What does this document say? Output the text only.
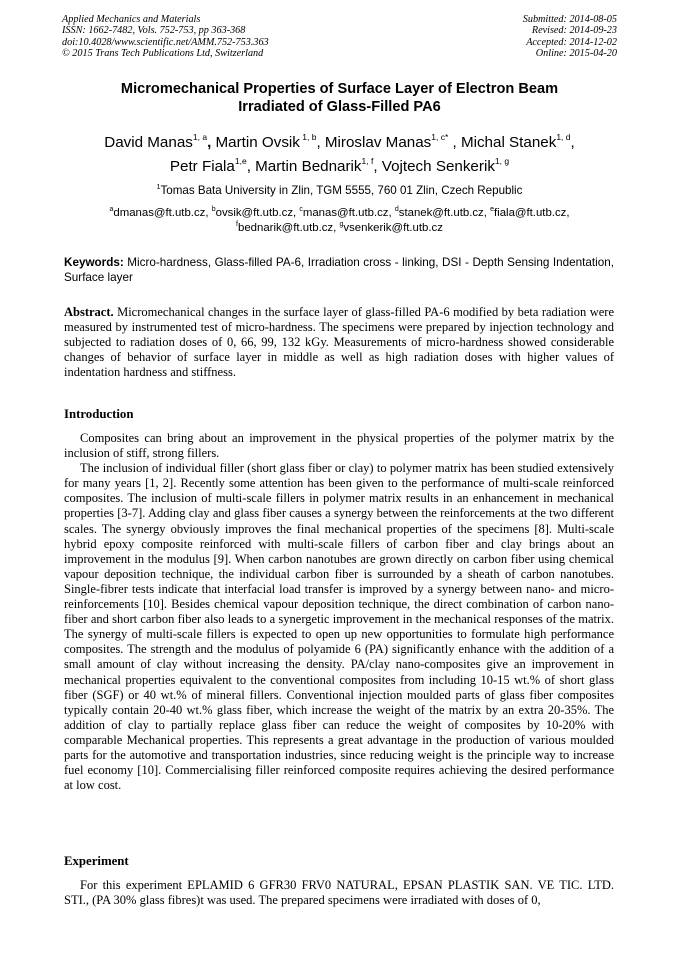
Applied Mechanics and Materials
ISSN: 1662-7482, Vols. 752-753, pp 363-368
doi:10.4028/www.scientific.net/AMM.752-753.363
© 2015 Trans Tech Publications Ltd, Switzerland
Submitted: 2014-08-05
Revised: 2014-09-23
Accepted: 2014-12-02
Online: 2015-04-20
Micromechanical Properties of Surface Layer of Electron Beam
Irradiated of Glass-Filled PA6
David Manas$^{1, a}$, Martin Ovsik $^{1, b}$, Miroslav Manas$^{1, c*}$ , Michal Stanek$^{1, d}$,
Petr Fiala$^{1,e}$, Martin Bednarik$^{1, f}$, Vojtech Senkerik$^{1, g}$
$^1$Tomas Bata University in Zlin, TGM 5555, 760 01 Zlin, Czech Republic
$^a$dmanas@ft.utb.cz, $^b$ovsik@ft.utb.cz, $^c$manas@ft.utb.cz, $^d$stanek@ft.utb.cz, $^e$fiala@ft.utb.cz,
$^f$bednarik@ft.utb.cz, $^g$vsenkerik@ft.utb.cz
Keywords: Micro-hardness, Glass-filled PA-6, Irradiation cross - linking, DSI - Depth Sensing Indentation, Surface layer
Abstract. Micromechanical changes in the surface layer of glass-filled PA-6 modified by beta radiation were measured by instrumented test of micro-hardness. The specimens were prepared by injection technology and subjected to radiation doses of 0, 66, 99, 132 kGy. Measurements of micro-hardness showed considerable changes of behavior of surface layer in middle as well as high radiation doses with higher values of indentation hardness and stiffness.
Introduction

Composites can bring about an improvement in the physical properties of the polymer matrix by the inclusion of stiff, strong fillers.

The inclusion of individual filler (short glass fiber or clay) to polymer matrix has been studied extensively for many years [1, 2]. Recently some attention has been given to the performance of multi-scale reinforced composites. The inclusion of multi-scale fillers in polymer matrix results in an enhancement in mechanical properties [3-7]. Adding clay and glass fiber causes a synergy between the reinforcements at the two different scales. The synergy obviously improves the final mechanical properties of the specimens [8]. Multi-scale hybrid epoxy composite reinforced with multi-scale fillers of carbon fiber and clay brings about an improvement in the modulus [9]. When carbon nanotubes are grown directly on carbon fiber using chemical vapour deposition technique, the individual carbon fiber is surrounded by a sheath of carbon nanotubes. Single-fibrer tests indicate that interfacial load transfer is improved by a synergy between nano- and micro-reinforcements [10]. Besides chemical vapour deposition technique, the direct combination of carbon nano-fiber and short carbon fiber also leads to a synergetic improvement in the mechanical responses of the matrix. The synergy of multi-scale fillers is expected to open up new opportunities to formulate high performance composites. The strength and the modulus of polyamide 6 (PA) significantly enhance with the addition of a small amount of clay without increasing the density. PA/clay nano-composites give an improvement in mechanical properties equivalent to the conventional composites from including 10-15 wt.% of short glass fiber (SGF) or 40 wt.% of mineral fillers. Conventional injection moulded parts of glass fiber composites typically contain 20-40 wt.% glass fiber, which increase the weight of the matrix by an extra 20-35%. The addition of clay to partially replace glass fiber can reduce the weight of composites by 10-20% with comparable Mechanical properties. This represents a great advantage in the production of various moulded parts for the automotive and transportation industries, since reducing weight is the principle way to increase fuel economy [10]. Commercialising filler reinforced composite requires achieving the desired performance at low cost.

Experiment

For this experiment EPLAMID 6 GFR30 FRV0 NATURAL, EPSAN PLASTIK SAN. VE TIC. LTD. STI., (PA 30% glass fibres)t was used. The prepared specimens were irradiated with doses of 0,
